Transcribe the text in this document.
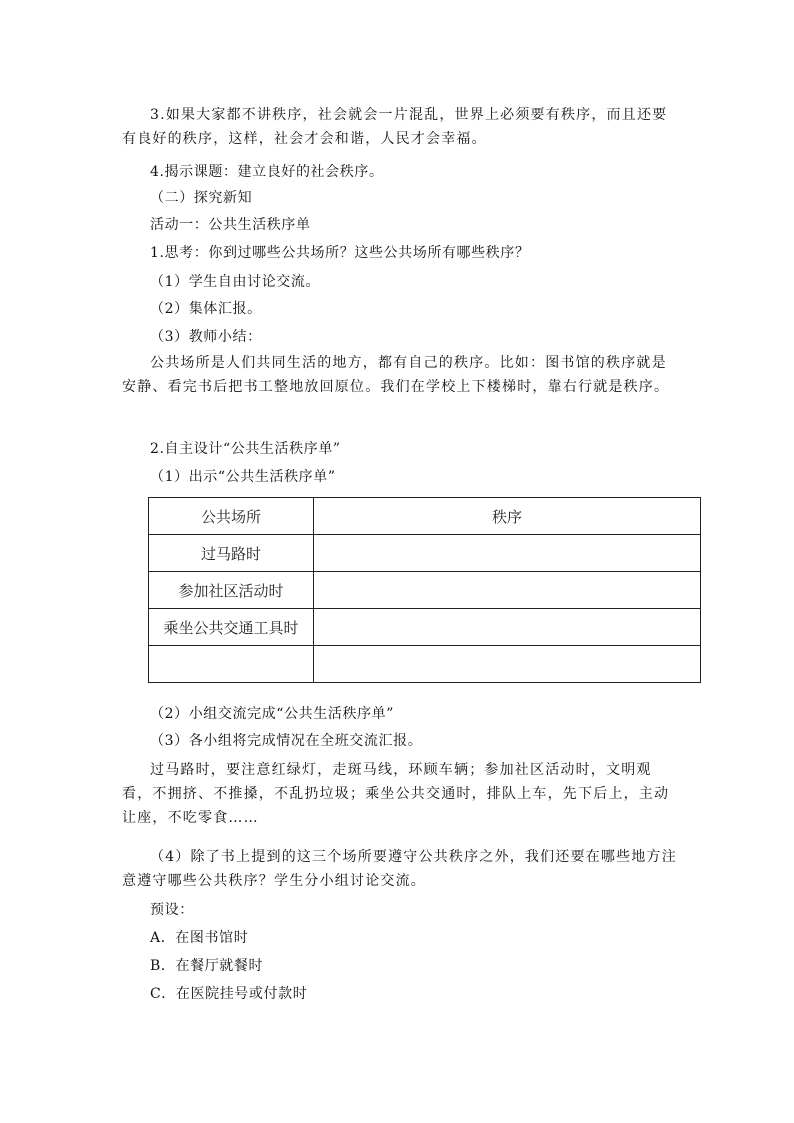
3.如果大家都不讲秩序，社会就会一片混乱，世界上必须要有秩序，而且还要有良好的秩序，这样，社会才会和谐，人民才会幸福。
4.揭示课题：建立良好的社会秩序。
（二）探究新知
活动一：公共生活秩序单
1.思考：你到过哪些公共场所？这些公共场所有哪些秩序？
（1）学生自由讨论交流。
（2）集体汇报。
（3）教师小结：
公共场所是人们共同生活的地方，都有自己的秩序。比如：图书馆的秩序就是安静、看完书后把书工整地放回原位。我们在学校上下楼梯时，靠右行就是秩序。
2.自主设计“公共生活秩序单”
（1）出示“公共生活秩序单”
公共场所	秩序
过马路时	
参加社区活动时	
乘坐公共交通工具时	

（2）小组交流完成“公共生活秩序单”
（3）各小组将完成情况在全班交流汇报。
过马路时，要注意红绿灯，走斑马线，环顾车辆；参加社区活动时，文明观看，不拥挤、不推搡，不乱扔垃圾；乘坐公共交通时，排队上车，先下后上，主动让座，不吃零食……
（4）除了书上提到的这三个场所要遵守公共秩序之外，我们还要在哪些地方注意遵守哪些公共秩序？学生分小组讨论交流。
预设：
A．在图书馆时
B．在餐厅就餐时
C．在医院挂号或付款时
